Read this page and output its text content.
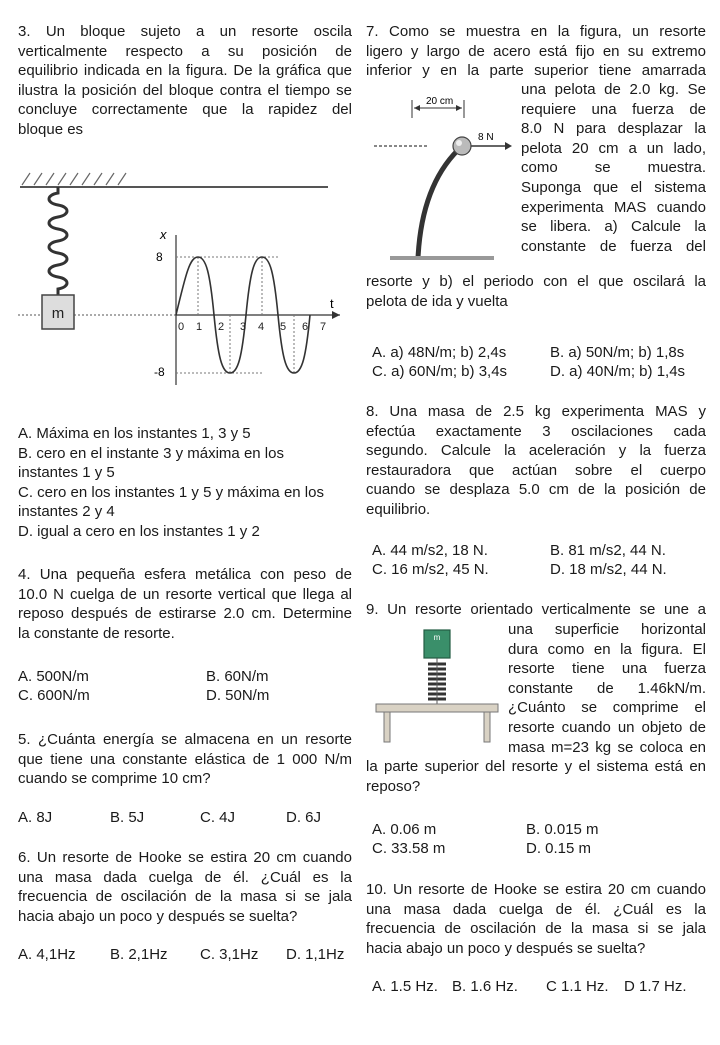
3. Un bloque sujeto a un resorte oscila

verticalmente respecto a su posición de

equilibrio indicada en la figura. De la gráfica que

ilustra la posición del bloque contra el tiempo se

concluye correctamente que la rapidez del

bloque es

m
x
t
8
-8
0 1 2 3 4 5 6 7

A. Máxima en los instantes 1, 3 y 5

B. cero en el instante 3 y máxima en los

instantes 1 y 5

C. cero en los instantes 1 y 5 y máxima en los

instantes 2 y 4

D. igual a cero en los instantes 1 y 2

4. Una pequeña esfera metálica con peso de

10.0 N cuelga de un resorte vertical que llega al

reposo después de estirarse 2.0 cm. Determine

la constante de resorte.

A. 500N/m	B. 60N/m
C. 600N/m	D. 50N/m

5. ¿Cuánta energía se almacena en un resorte

que tiene una constante elástica de 1 000 N/m

cuando se comprime 10 cm?

A. 8J	B. 5J	C. 4J	D. 6J

6. Un resorte de Hooke se estira 20 cm cuando

una masa dada cuelga de él. ¿Cuál es la

frecuencia de oscilación de la masa si se jala

hacia abajo un poco y después se suelta?

A. 4,1Hz B. 2,1Hz C. 3,1Hz D. 1,1Hz

7. Como se muestra en la figura, un resorte

ligero y largo de acero está fijo en su extremo

inferior y en la parte superior tiene amarrada

una pelota de 2.0 kg. Se

requiere una fuerza de

8.0 N para desplazar la

pelota 20 cm a un lado,

como se muestra.

Suponga que el sistema

experimenta MAS cuando

se libera. a) Calcule la

constante de fuerza del

20 cm
8 N

resorte y b) el periodo con el que oscilará la

pelota de ida y vuelta

A. a) 48N/m; b) 2,4s	B. a) 50N/m; b) 1,8s
C. a) 60N/m; b) 3,4s	D. a) 40N/m; b) 1,4s

8. Una masa de 2.5 kg experimenta MAS y

efectúa exactamente 3 oscilaciones cada

segundo. Calcule la aceleración y la fuerza

restauradora que actúan sobre el cuerpo

cuando se desplaza 5.0 cm de la posición de

equilibrio.

A. 44 m/s2, 18 N.	B. 81 m/s2, 44 N.
C. 16 m/s2, 45 N.	D. 18 m/s2, 44 N.

9. Un resorte orientado verticalmente se une a

una superficie horizontal

dura como en la figura. El

resorte tiene una fuerza

constante de 1.46kN/m.

¿Cuánto se comprime el

resorte cuando un objeto de

masa m=23 kg se coloca en

m

la parte superior del resorte y el sistema está en

reposo?

A. 0.06 m	B. 0.015 m
C. 33.58 m	D. 0.15 m

10. Un resorte de Hooke se estira 20 cm cuando

una masa dada cuelga de él. ¿Cuál es la

frecuencia de oscilación de la masa si se jala

hacia abajo un poco y después se suelta?

A. 1.5 Hz. B. 1.6 Hz. C 1.1 Hz. D 1.7 Hz.
